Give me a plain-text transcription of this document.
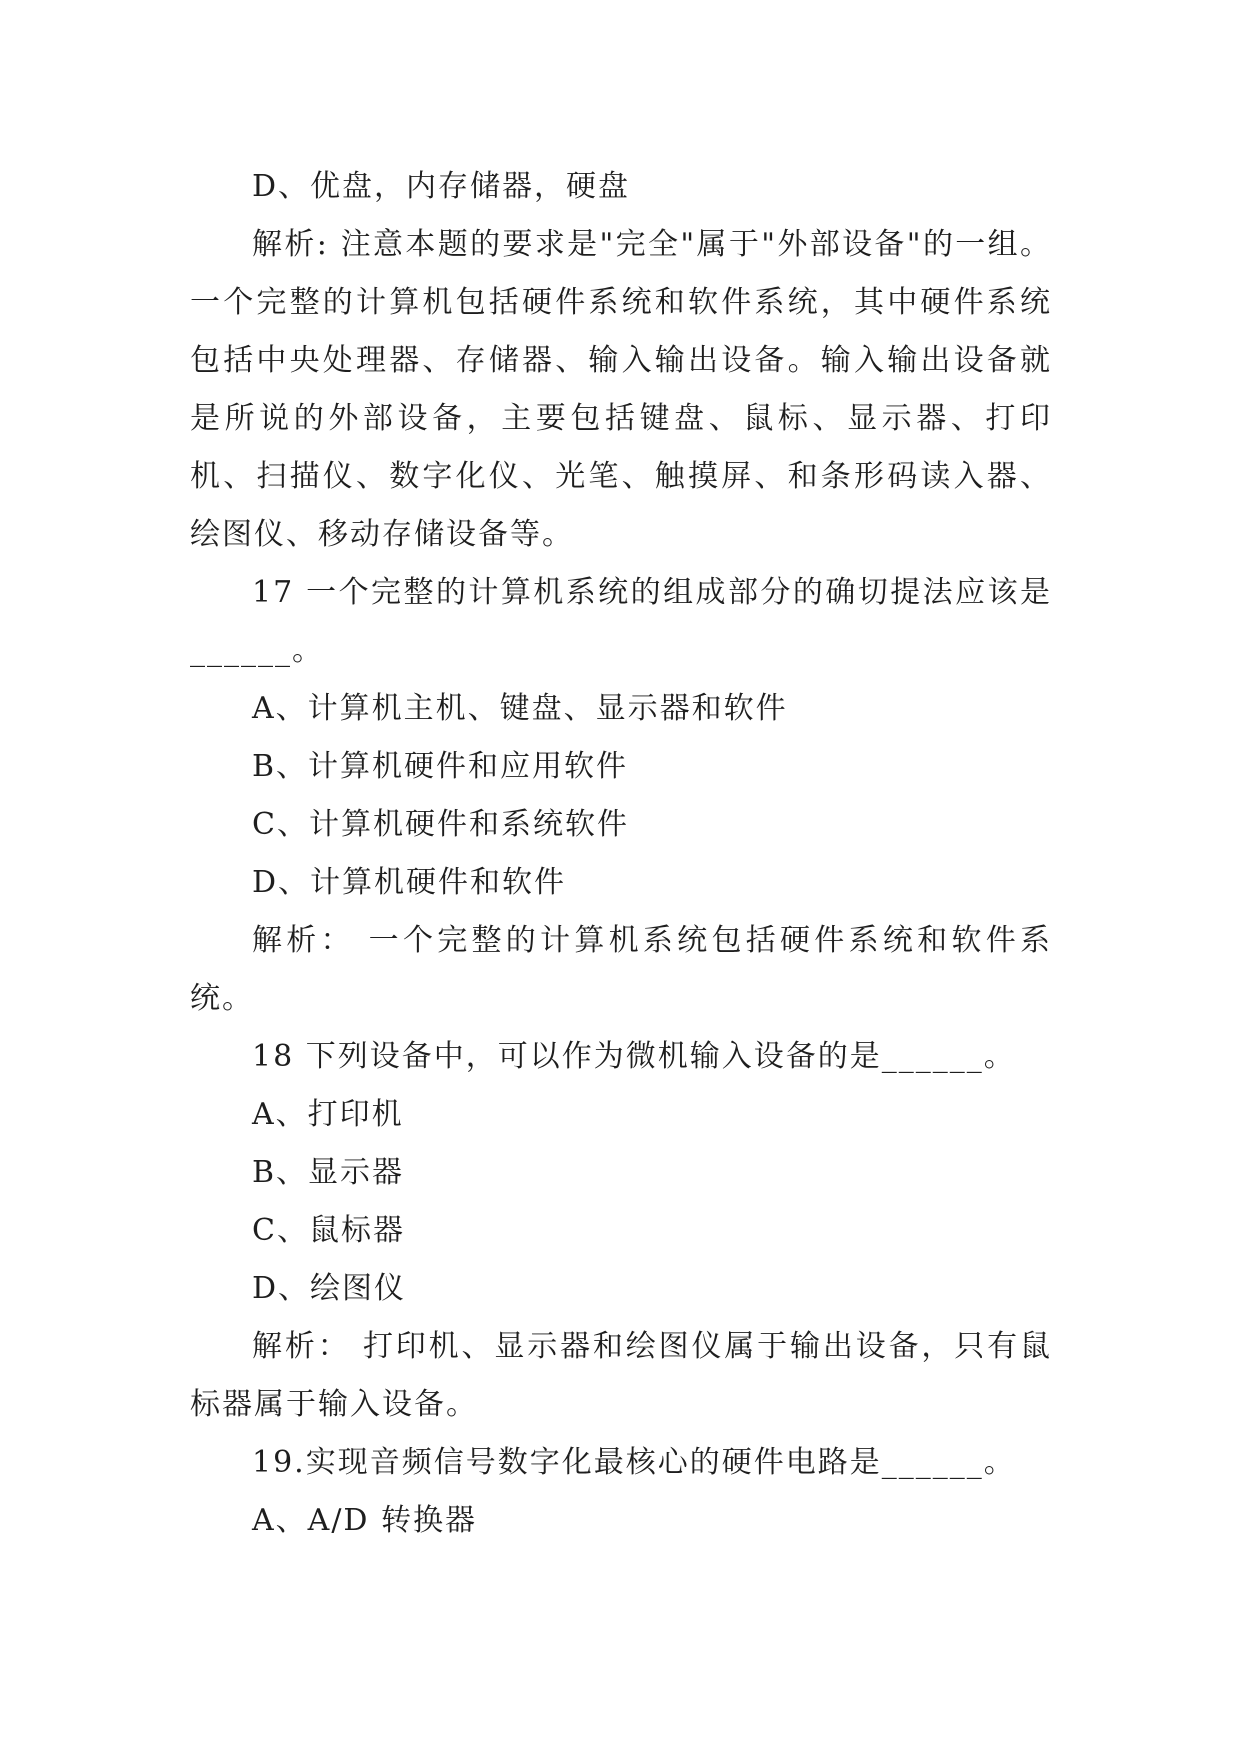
D、优盘，内存储器，硬盘

解析: 注意本题的要求是"完全"属于"外部设备"的一组。一个完整的计算机包括硬件系统和软件系统，其中硬件系统包括中央处理器、存储器、输入输出设备。输入输出设备就是所说的外部设备，主要包括键盘、鼠标、显示器、打印机、扫描仪、数字化仪、光笔、触摸屏、和条形码读入器、绘图仪、移动存储设备等。

17 一个完整的计算机系统的组成部分的确切提法应该是______。

A、计算机主机、键盘、显示器和软件

B、计算机硬件和应用软件

C、计算机硬件和系统软件

D、计算机硬件和软件

解析： 一个完整的计算机系统包括硬件系统和软件系统。

18 下列设备中，可以作为微机输入设备的是______。

A、打印机

B、显示器

C、鼠标器

D、绘图仪

解析： 打印机、显示器和绘图仪属于输出设备，只有鼠标器属于输入设备。

19.实现音频信号数字化最核心的硬件电路是______。

A、A/D 转换器
